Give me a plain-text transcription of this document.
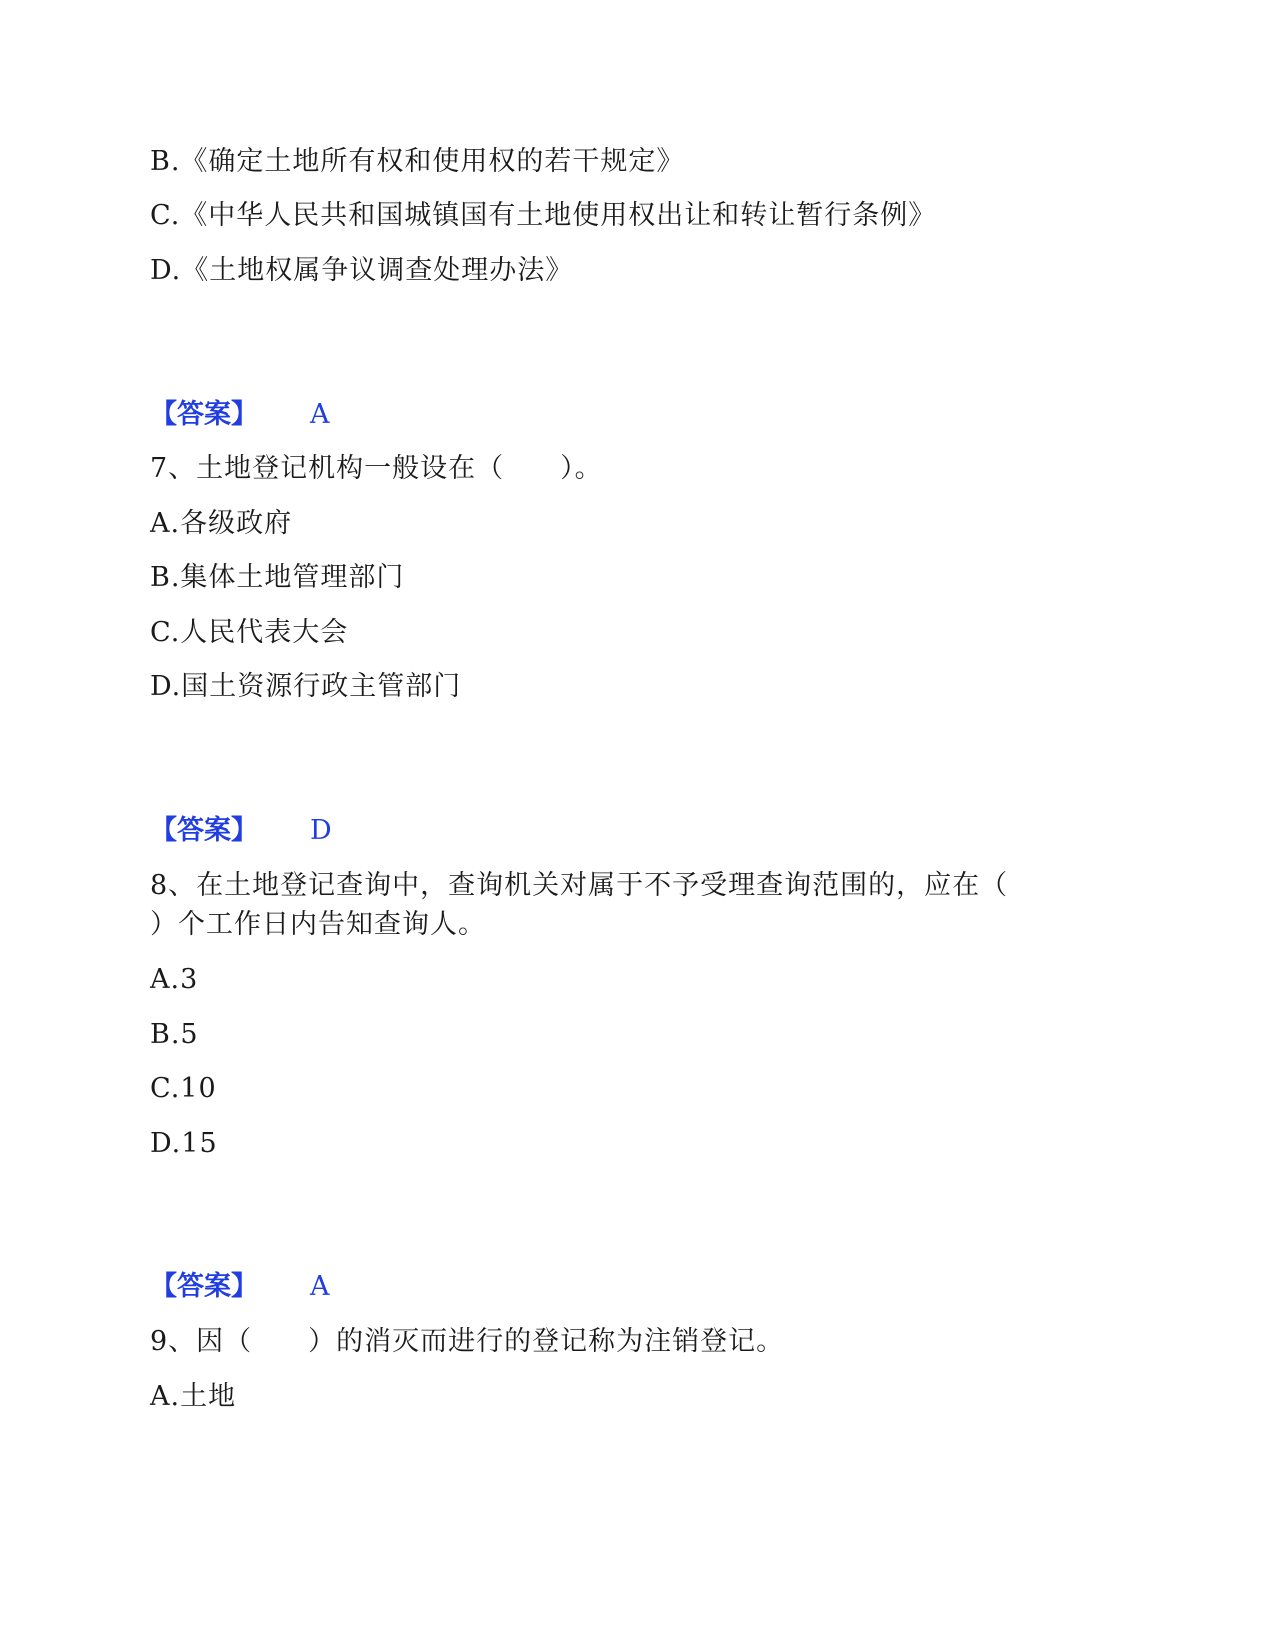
B.《确定土地所有权和使用权的若干规定》
C.《中华人民共和国城镇国有土地使用权出让和转让暂行条例》
D.《土地权属争议调查处理办法》
【答案】 A
7、土地登记机构一般设在（　　）。
A.各级政府
B.集体土地管理部门
C.人民代表大会
D.国土资源行政主管部门
【答案】 D
8、在土地登记查询中，查询机关对属于不予受理查询范围的，应在（
）个工作日内告知查询人。
A.3
B.5
C.10
D.15
【答案】 A
9、因（　　）的消灭而进行的登记称为注销登记。
A.土地
